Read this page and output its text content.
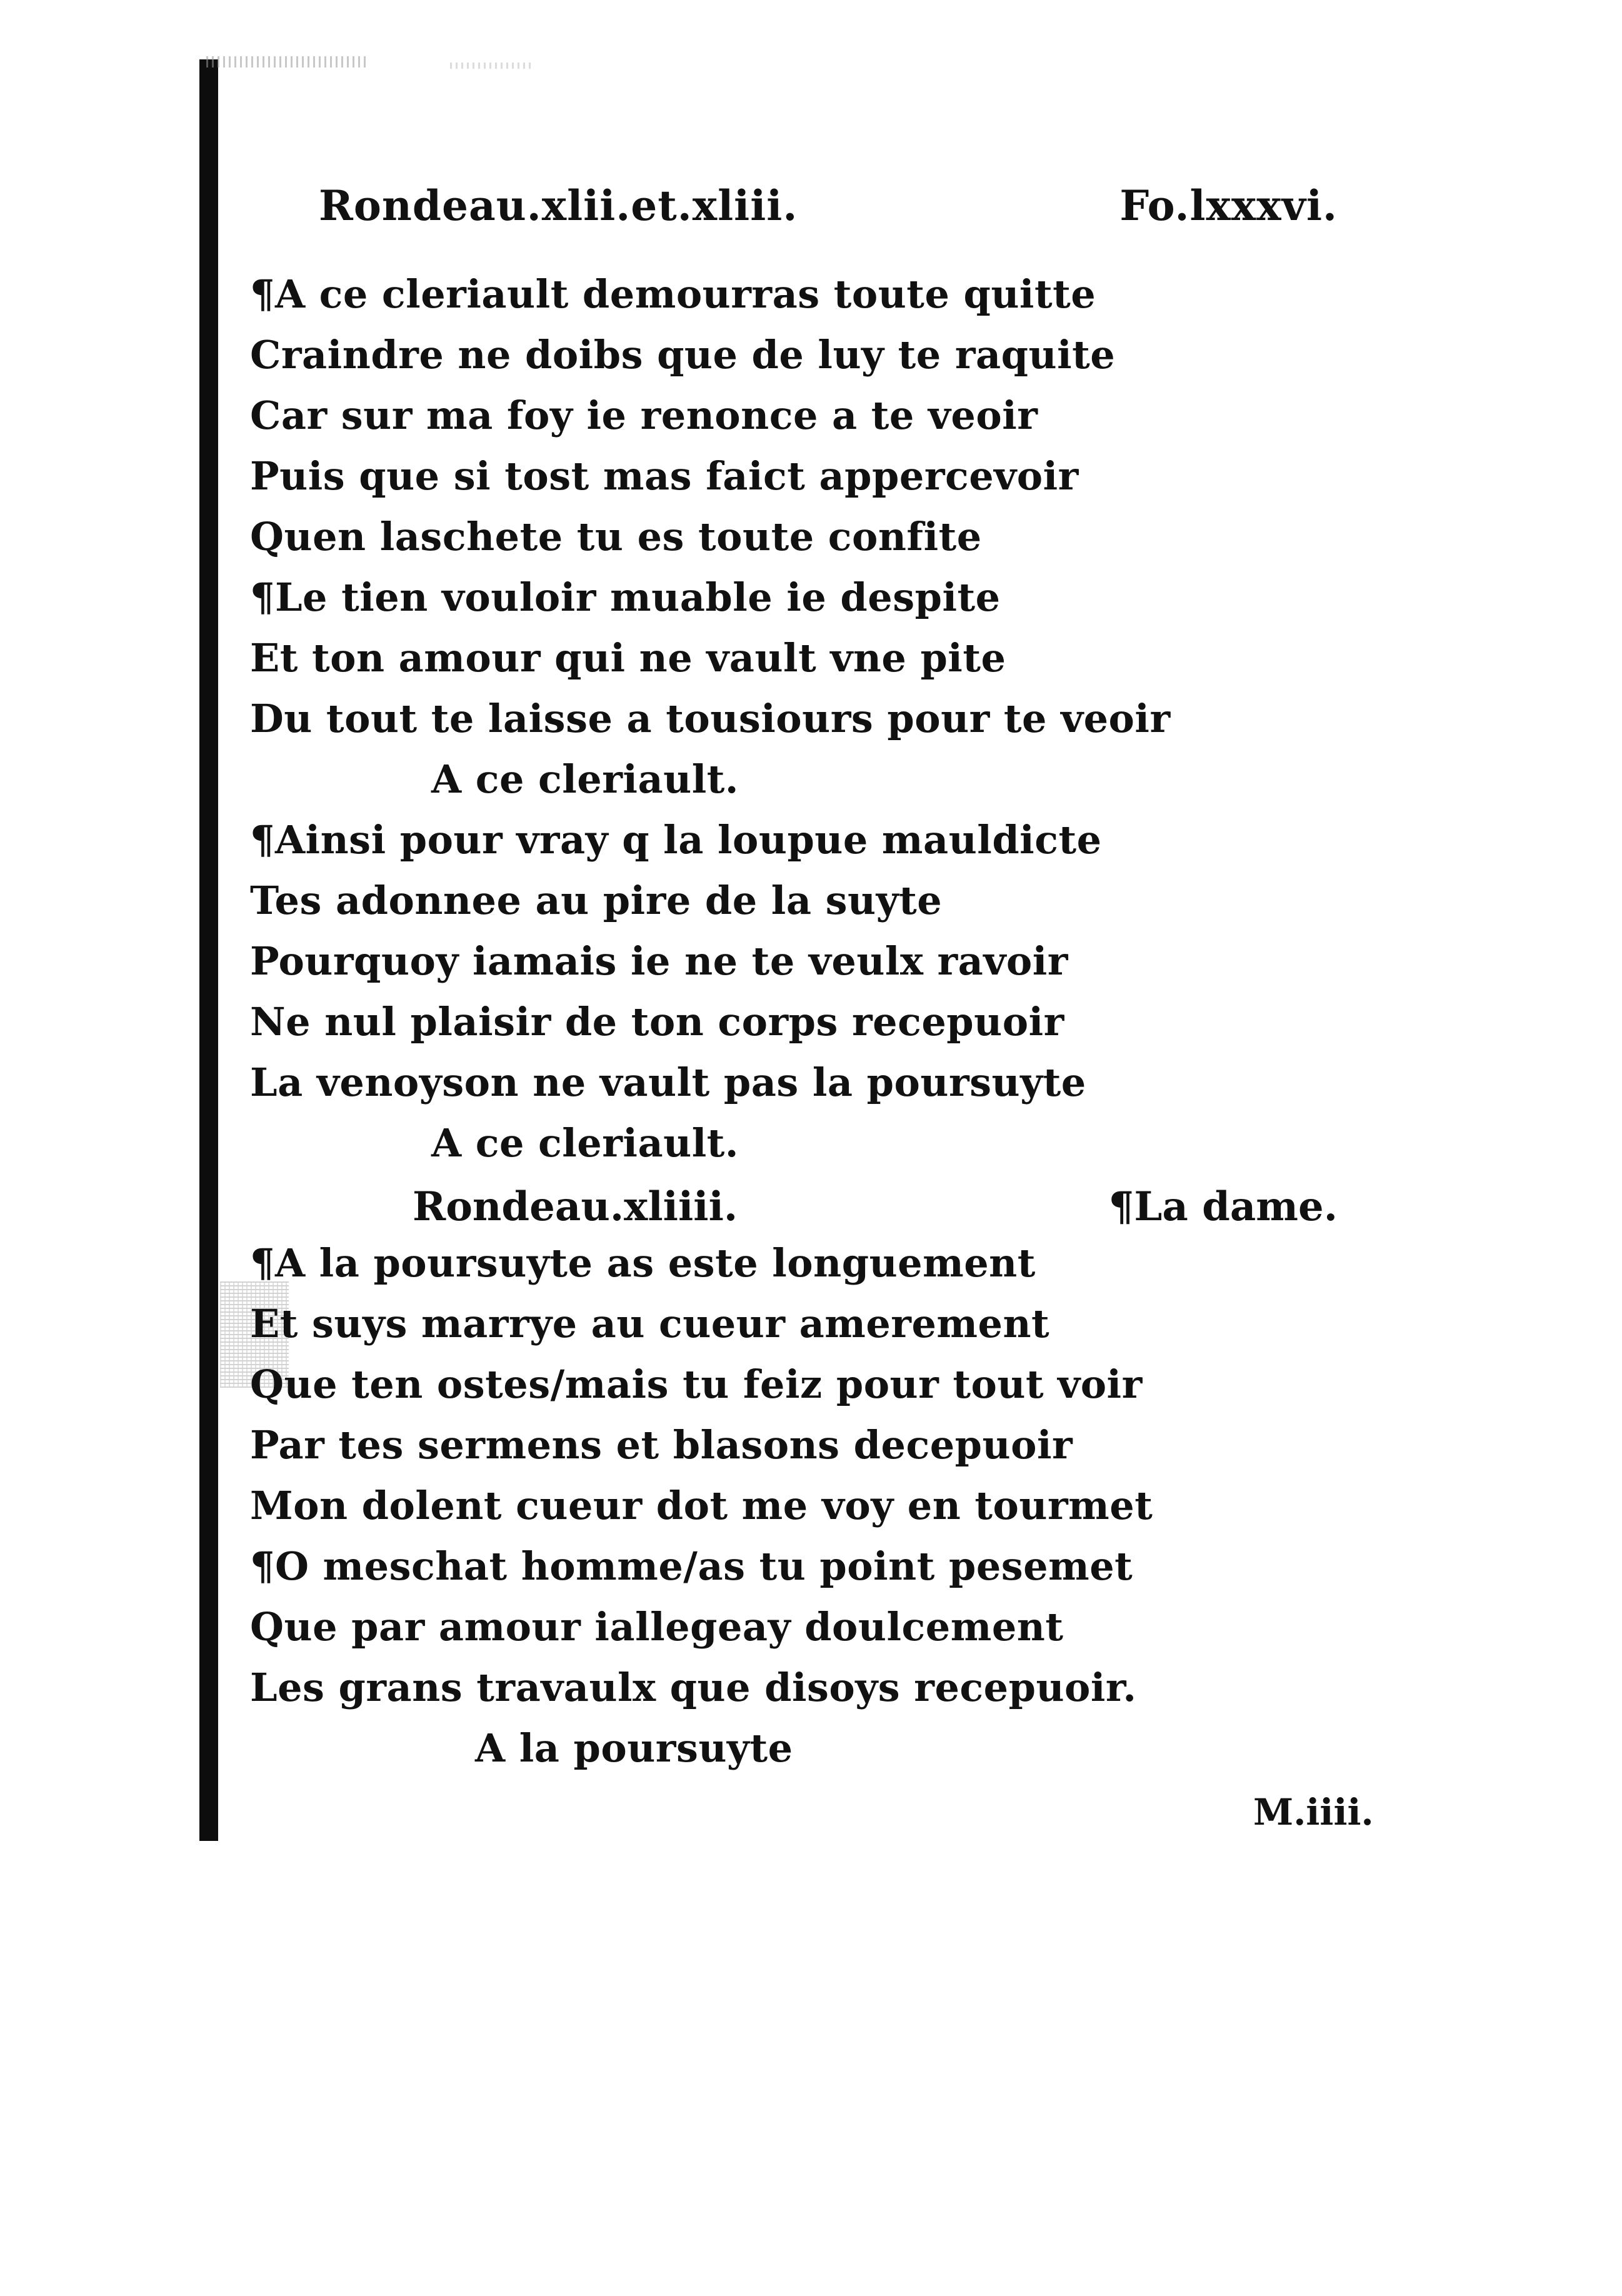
Rondeau.xlii.et.xliii.	Fo.lxxxvi.
¶A ce cleriault demourras toute quitte
Craindre ne doibs que de luy te raquite
Car sur ma foy ie renonce a te veoir
Puis que si tost mas faict appercevoir
Quen laschete tu es toute confite
¶Le tien vouloir muable ie despite
Et ton amour qui ne vault vne pite
Du tout te laisse a tousiours pour te veoir
A ce cleriault.
¶Ainsi pour vray q la loupue mauldicte
Tes adonnee au pire de la suyte
Pourquoy iamais ie ne te veulx ravoir
Ne nul plaisir de ton corps recepuoir
La venoyson ne vault pas la poursuyte
A ce cleriault.
Rondeau.xliiii.	¶La dame.
¶A la poursuyte as este longuement
Et suys marrye au cueur amerement
Que ten ostes/mais tu feiz pour tout voir
Par tes sermens et blasons decepuoir
Mon dolent cueur dot me voy en tourmet
¶O meschat homme/as tu point pesemet
Que par amour iallegeay doulcement
Les grans travaulx que disoys recepuoir.
A la poursuyte
M.iiii.
